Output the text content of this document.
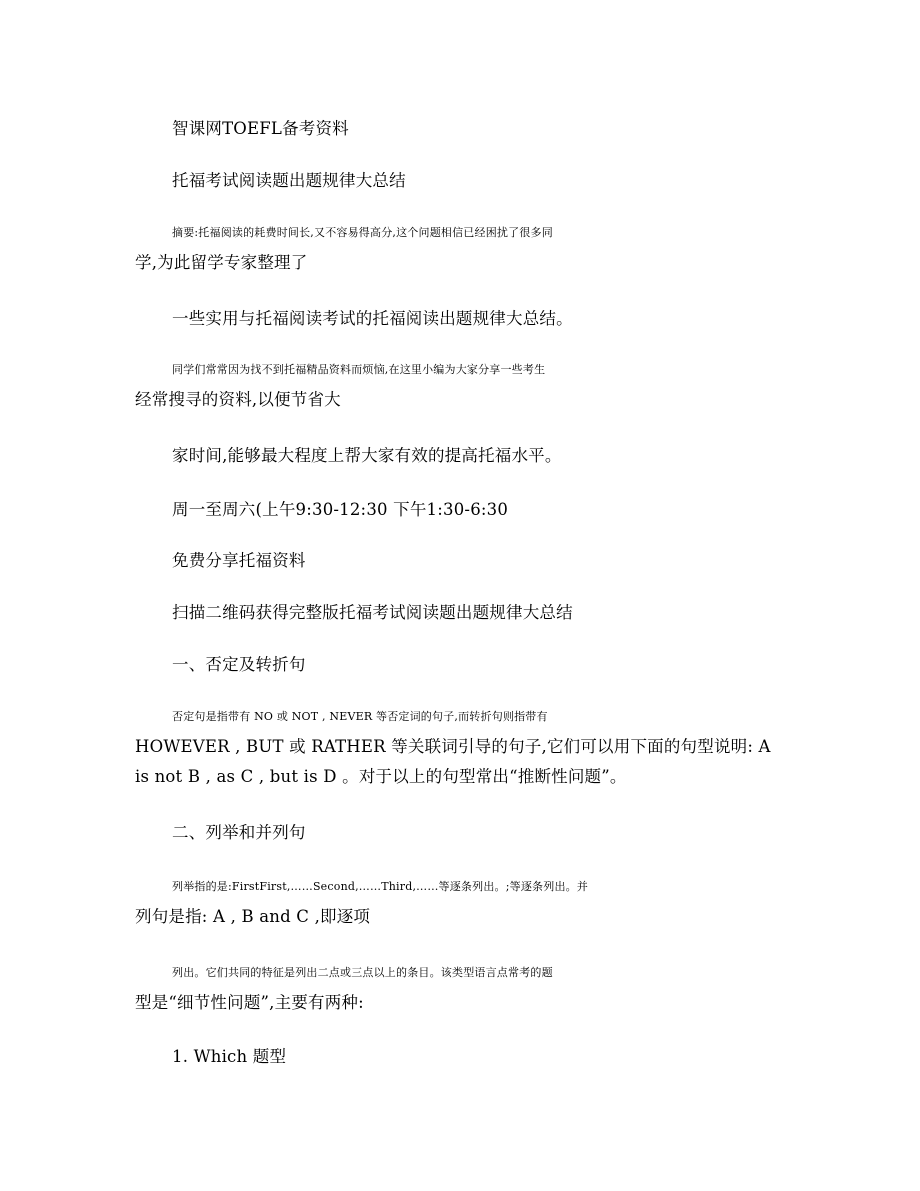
智课网TOEFL备考资料

托福考试阅读题出题规律大总结

摘要:托福阅读的耗费时间长,又不容易得高分,这个问题相信已经困扰了很多同
学,为此留学专家整理了

一些实用与托福阅读考试的托福阅读出题规律大总结。

同学们常常因为找不到托福精品资料而烦恼,在这里小编为大家分享一些考生
经常搜寻的资料,以便节省大

家时间,能够最大程度上帮大家有效的提高托福水平。

周一至周六(上午9:30-12:30 下午1:30-6:30

免费分享托福资料

扫描二维码获得完整版托福考试阅读题出题规律大总结

一、否定及转折句

否定句是指带有 NO 或 NOT , NEVER 等否定词的句子,而转折句则指带有
HOWEVER , BUT 或 RATHER 等关联词引导的句子,它们可以用下面的句型说明: A
is not B , as C , but is D 。对于以上的句型常出“推断性问题”。

二、列举和并列句

列举指的是:FirstFirst,……Second,……Third,……等逐条列出。;等逐条列出。并
列句是指: A , B and C ,即逐项

列出。它们共同的特征是列出二点或三点以上的条目。该类型语言点常考的题
型是“细节性问题”,主要有两种:

1. Which 题型
